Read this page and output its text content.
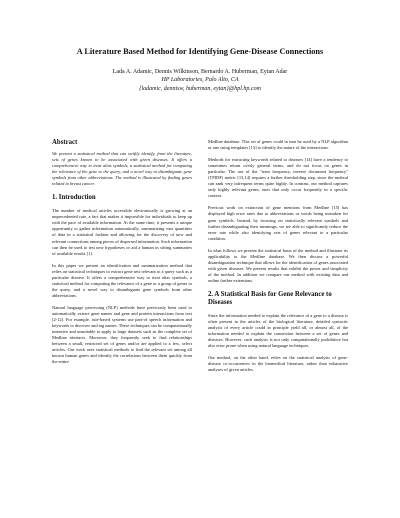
A Literature Based Method for Identifying Gene-Disease Connections
Lada A. Adamic, Dennis Wilkinson, Bernardo A. Huberman, Eytan Adar
HP Laboratories, Palo Alto, CA
{ladamic, dennisw, huberman, eytan}@hpl.hp.com
Abstract

We present a statistical method that can swiftly identify, from the literature, sets of genes known to be associated with given diseases. It offers a comprehensive way to treat alias symbols, a statistical method for computing the relevance of the gene to the query, and a novel way to disambiguate gene symbols from other abbreviations. The method is illustrated by finding genes related to breast cancer.

1. Introduction

The number of medical articles accessible electronically is growing at an unprecedented rate, a fact that makes it impossible for individuals to keep up with the pace of available information. At the same time, it presents a unique opportunity to gather information automatically, summarizing vast quantities of data in a statistical fashion and allowing for the discovery of new and relevant connections among pieces of dispersed information. Such information can then be used to test new hypotheses or aid a human in sifting summaries of available results [1].

In this paper we present an identification and summarization method that relies on statistical techniques to extract gene sets relevant to a query such as a particular disease. It offers a comprehensive way to treat alias symbols, a statistical method for computing the relevance of a gene or a group of genes to the query, and a novel way to disambiguate gene symbols from other abbreviations.

Natural language processing (NLP) methods have previously been used to automatically extract gene names and gene and protein interactions from text [2-12]. For example, rule-based systems use part-of speech information and keywords to discover and tag names. These techniques can be computationally intensive and unsuitable to apply to large datasets such as the complete set of Medline abstracts. Moreover, they frequently seek to find relationships between a small, restricted set of genes and/or are applied to a few, select articles. Our work uses statistical methods to find the relevant set among all known human genes and identify the correlations between them quickly from the entire

Medline database. This set of genes could in turn be used by a NLP algorithm or one using templates [13] to identify the nature of the interactions.

Methods for extracting keywords related to diseases [14] have a tendency to sometimes return overly general terms, and do not focus on genes in particular. The use of the "term frequency, inverse document frequency" (TFIDF) metric [13,14] requires a further thresholding step, since the method can rank very infrequent terms quite highly. In contrast, our method captures only highly relevant genes, ones that only occur frequently in a specific context.

Previous work on extraction of gene mentions from Medline [15] has displayed high error rates due to abbreviations or words being mistaken for gene symbols. Instead, by focusing on statistically relevant symbols and further disambiguating their meanings, we are able to significantly reduce the error rate while also identifying sets of genes relevant to a particular condition.

In what follows we present the statistical basis of the method and illustrate its applicability to the Medline database. We then discuss a powerful disambiguation technique that allows for the identification of genes associated with given diseases. We present results that exhibit the power and simplicity of the method. In addition we compare our method with existing data and online further extensions.

2. A Statistical Basis for Gene Relevance to Diseases

Since the information needed to explain the relevance of a gene to a disease is often present in the articles of the biological literature, detailed syntactic analysis of every article could in principle yield all, or almost all, of the information needed to explain the connection between a set of genes and diseases. However, such analysis is not only computationally prohibitive but also error prone when using natural language techniques.

Our method, on the other hand, relies on the statistical analysis of gene-disease co-occurrences in the biomedical literature, rather than exhaustive analyses of given articles.
